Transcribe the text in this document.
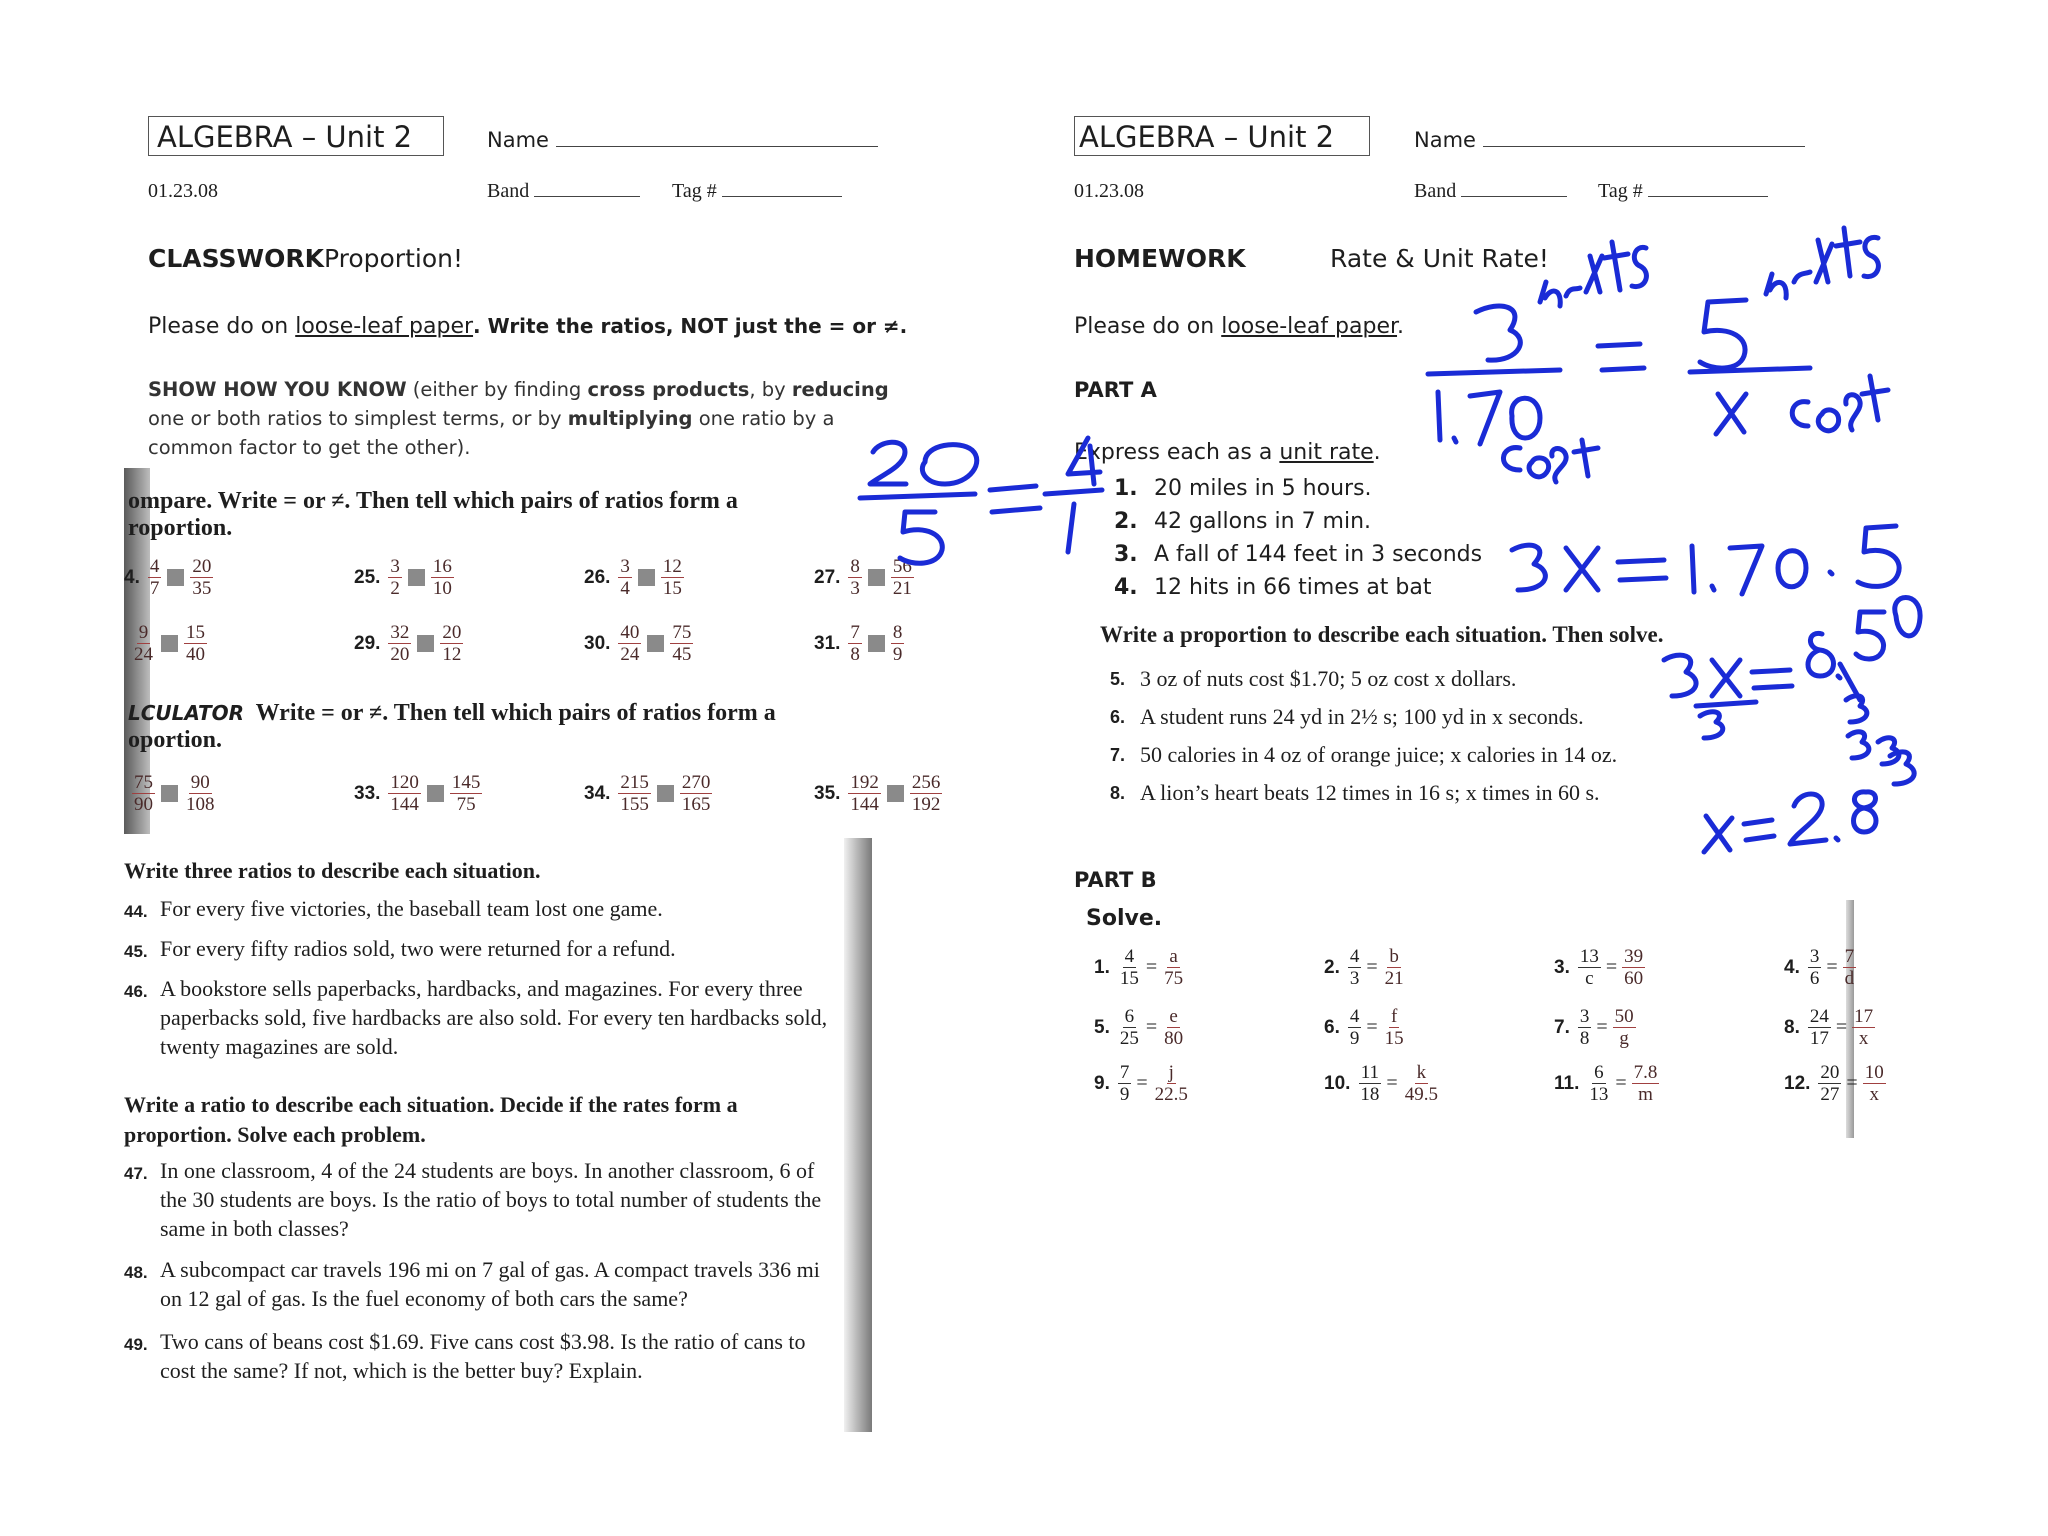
ALGEBRA – Unit 2	Name
01.23.08	Band	Tag #
CLASSWORKProportion!
Please do on loose-leaf paper. Write the ratios, NOT just the = or ≠.
SHOW HOW YOU KNOW (either by finding cross products, by reducing one or both ratios to simplest terms, or by multiplying one ratio by a common factor to get the other).
ompare. Write = or ≠. Then tell which pairs of ratios form a
roportion.
4. $\frac{4}{7} \frac{20}{35}$	25. $\frac{3}{2} \frac{16}{10}$	26. $\frac{3}{4} \frac{12}{15}$	27. $\frac{8}{3} \frac{56}{21}$
$\frac{9}{24} \frac{15}{40}$	29. $\frac{32}{20} \frac{20}{12}$	30. $\frac{40}{24} \frac{75}{45}$	31. $\frac{7}{8} \frac{8}{9}$
LCULATOR Write = or ≠. Then tell which pairs of ratios form a
oportion.
$\frac{75}{90} \frac{90}{108}$	33. $\frac{120}{144} \frac{145}{75}$	34. $\frac{215}{155} \frac{270}{165}$	35. $\frac{192}{144} \frac{256}{192}$
Write three ratios to describe each situation.
44. For every five victories, the baseball team lost one game.
45. For every fifty radios sold, two were returned for a refund.
46. A bookstore sells paperbacks, hardbacks, and magazines. For every three paperbacks sold, five hardbacks are also sold. For every ten hardbacks sold, twenty magazines are sold.
Write a ratio to describe each situation. Decide if the rates form a proportion. Solve each problem.
47. In one classroom, 4 of the 24 students are boys. In another classroom, 6 of the 30 students are boys. Is the ratio of boys to total number of students the same in both classes?
48. A subcompact car travels 196 mi on 7 gal of gas. A compact travels 336 mi on 12 gal of gas. Is the fuel economy of both cars the same?
49. Two cans of beans cost $1.69. Five cans cost $3.98. Is the ratio of cans to cost the same? If not, which is the better buy? Explain.
ALGEBRA – Unit 2	Name
01.23.08	Band	Tag #
HOMEWORK	Rate & Unit Rate!
Please do on loose-leaf paper.
PART A
Express each as a unit rate.
1. 20 miles in 5 hours.
2. 42 gallons in 7 min.
3. A fall of 144 feet in 3 seconds
4. 12 hits in 66 times at bat
Write a proportion to describe each situation. Then solve.
5. 3 oz of nuts cost $1.70; 5 oz cost x dollars.
6. A student runs 24 yd in 2½ s; 100 yd in x seconds.
7. 50 calories in 4 oz of orange juice; x calories in 14 oz.
8. A lion’s heart beats 12 times in 16 s; x times in 60 s.
PART B
Solve.
1. $\frac{4}{15} = \frac{a}{75}$	2. $\frac{4}{3} = \frac{b}{21}$	3. $\frac{13}{c} = \frac{39}{60}$	4. $\frac{3}{6} = \frac{7}{d}$
5. $\frac{6}{25} = \frac{e}{80}$	6. $\frac{4}{9} = \frac{f}{15}$	7. $\frac{3}{8} = \frac{50}{g}$	8. $\frac{24}{17} = \frac{17}{x}$
9. $\frac{7}{9} = \frac{j}{22.5}$	10. $\frac{11}{18} = \frac{k}{49.5}$	11. $\frac{6}{13} = \frac{7.8}{m}$	12. $\frac{20}{27} = \frac{10}{x}$
